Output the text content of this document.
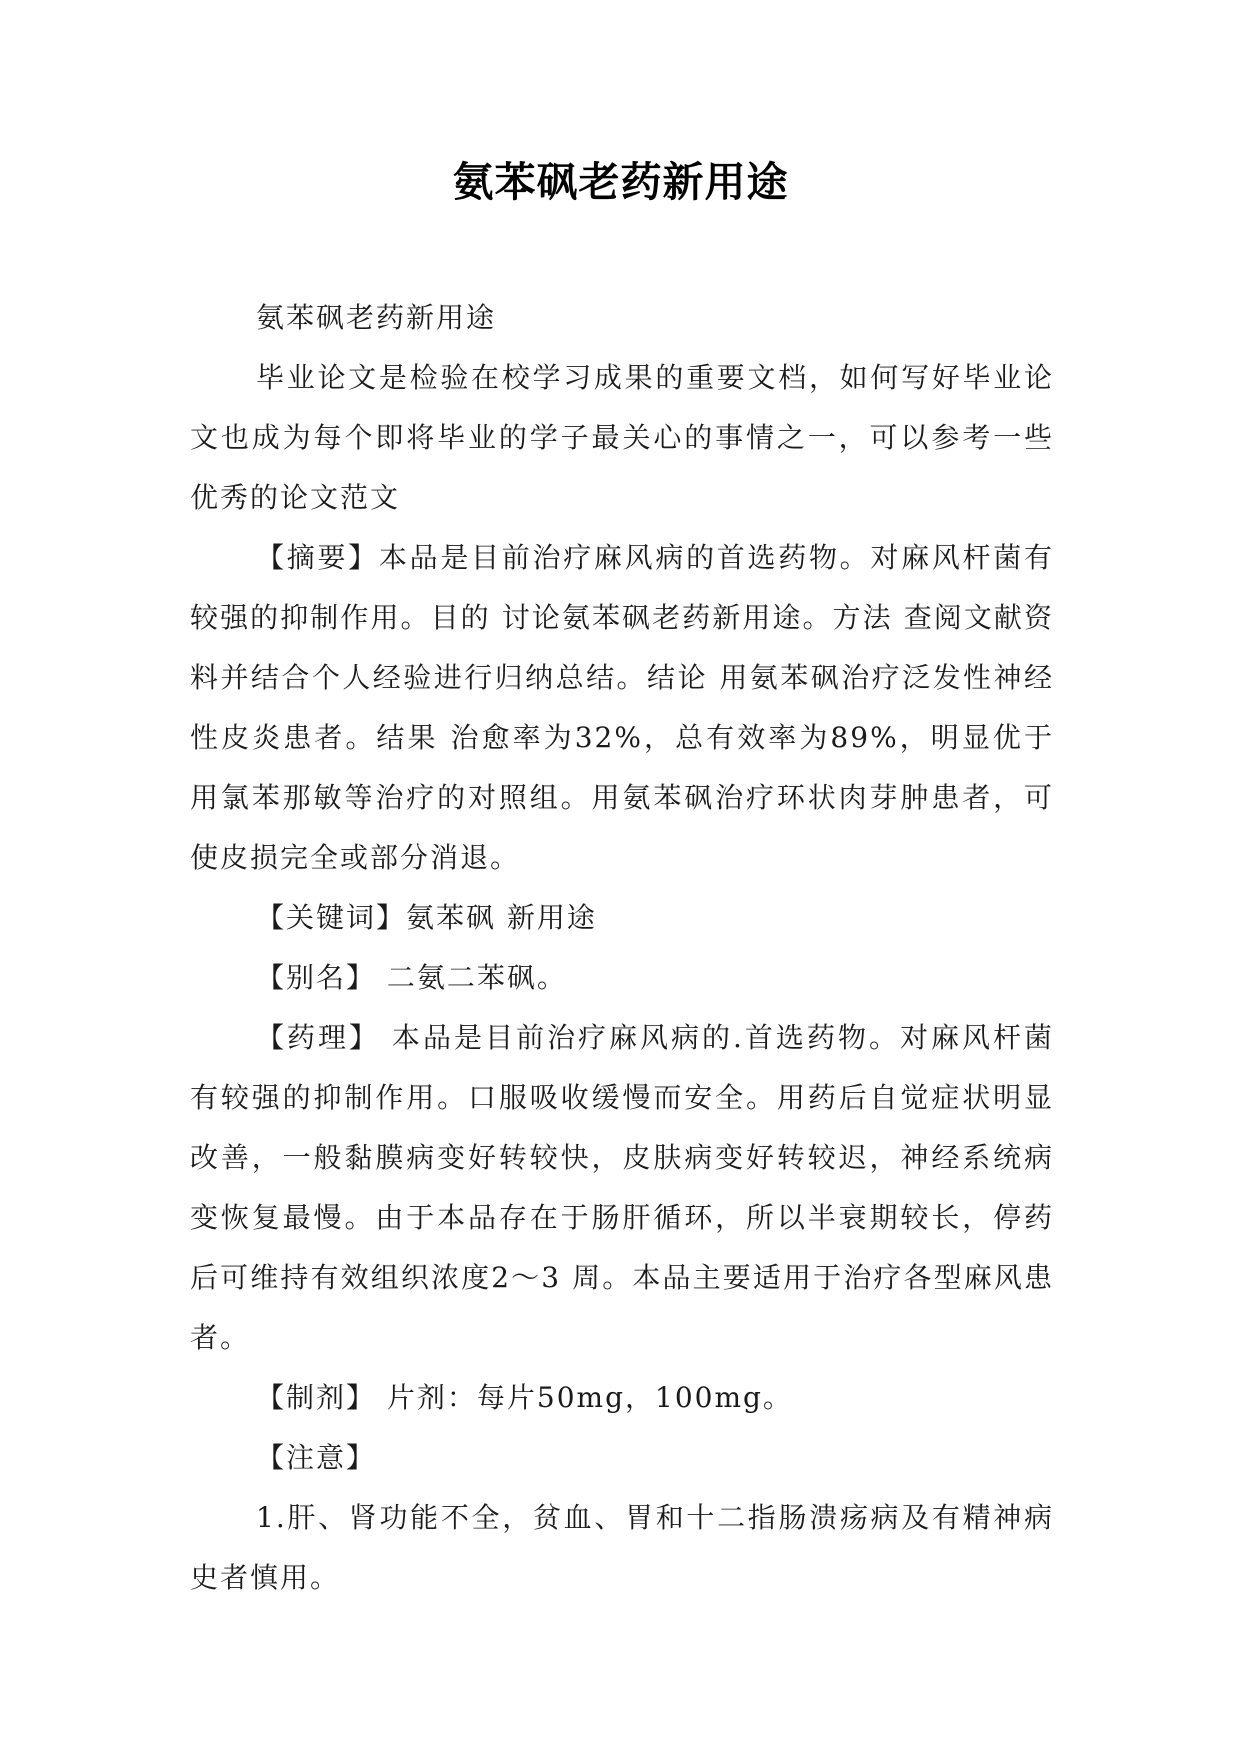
氨苯砜老药新用途

氨苯砜老药新用途

毕业论文是检验在校学习成果的重要文档，如何写好毕业论文也成为每个即将毕业的学子最关心的事情之一，可以参考一些优秀的论文范文

【摘要】本品是目前治疗麻风病的首选药物。对麻风杆菌有较强的抑制作用。目的 讨论氨苯砜老药新用途。方法 查阅文献资料并结合个人经验进行归纳总结。结论 用氨苯砜治疗泛发性神经性皮炎患者。结果 治愈率为32%，总有效率为89%，明显优于用氯苯那敏等治疗的对照组。用氨苯砜治疗环状肉芽肿患者，可使皮损完全或部分消退。

【关键词】氨苯砜 新用途

【别名】 二氨二苯砜。

【药理】 本品是目前治疗麻风病的.首选药物。对麻风杆菌有较强的抑制作用。口服吸收缓慢而安全。用药后自觉症状明显改善，一般黏膜病变好转较快，皮肤病变好转较迟，神经系统病变恢复最慢。由于本品存在于肠肝循环，所以半衰期较长，停药后可维持有效组织浓度2～3 周。本品主要适用于治疗各型麻风患者。

【制剂】 片剂：每片50mg，100mg。

【注意】

1.肝、肾功能不全，贫血、胃和十二指肠溃疡病及有精神病史者慎用。
